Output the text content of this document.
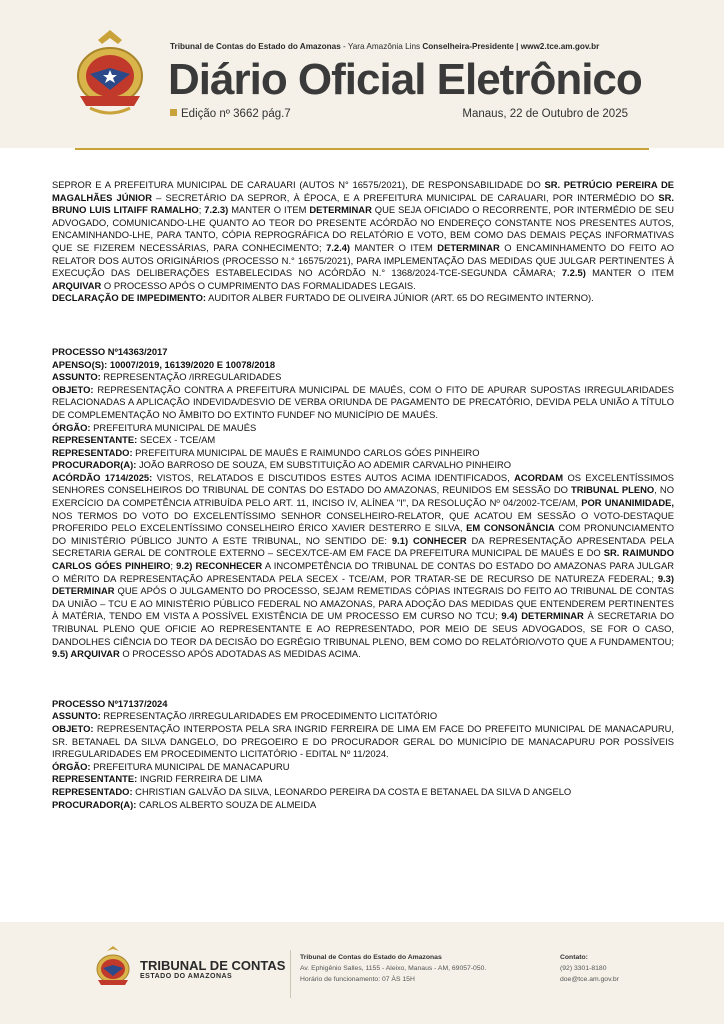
Tribunal de Contas do Estado do Amazonas - Yara Amazônia Lins Conselheira-Presidente | www2.tce.am.gov.br
Diário Oficial Eletrônico
Edição nº 3662 pág.7	Manaus, 22 de Outubro de 2025

SEPROR E A PREFEITURA MUNICIPAL DE CARAUARI (AUTOS N° 16575/2021), DE RESPONSABILIDADE DO SR. PETRÚCIO PEREIRA DE MAGALHÃES JÚNIOR – SECRETÁRIO DA SEPROR, À ÉPOCA, E A PREFEITURA MUNICIPAL DE CARAUARI, POR INTERMÉDIO DO SR. BRUNO LUIS LITAIFF RAMALHO; 7.2.3) MANTER O ITEM DETERMINAR QUE SEJA OFICIADO O RECORRENTE, POR INTERMÉDIO DE SEU ADVOGADO, COMUNICANDO-LHE QUANTO AO TEOR DO PRESENTE ACÓRDÃO NO ENDEREÇO CONSTANTE NOS PRESENTES AUTOS, ENCAMINHANDO-LHE, PARA TANTO, CÓPIA REPROGRÁFICA DO RELATÓRIO E VOTO, BEM COMO DAS DEMAIS PEÇAS INFORMATIVAS QUE SE FIZEREM NECESSÁRIAS, PARA CONHECIMENTO; 7.2.4) MANTER O ITEM DETERMINAR O ENCAMINHAMENTO DO FEITO AO RELATOR DOS AUTOS ORIGINÁRIOS (PROCESSO N.° 16575/2021), PARA IMPLEMENTAÇÃO DAS MEDIDAS QUE JULGAR PERTINENTES À EXECUÇÃO DAS DELIBERAÇÕES ESTABELECIDAS NO ACÓRDÃO N.° 1368/2024-TCE-SEGUNDA CÂMARA; 7.2.5) MANTER O ITEM ARQUIVAR O PROCESSO APÓS O CUMPRIMENTO DAS FORMALIDADES LEGAIS.

DECLARAÇÃO DE IMPEDIMENTO: AUDITOR ALBER FURTADO DE OLIVEIRA JÚNIOR (ART. 65 DO REGIMENTO INTERNO).

PROCESSO Nº14363/2017

APENSO(S): 10007/2019, 16139/2020 E 10078/2018

ASSUNTO: REPRESENTAÇÃO /IRREGULARIDADES

OBJETO: REPRESENTAÇÃO CONTRA A PREFEITURA MUNICIPAL DE MAUÉS, COM O FITO DE APURAR SUPOSTAS IRREGULARIDADES RELACIONADAS A APLICAÇÃO INDEVIDA/DESVIO DE VERBA ORIUNDA DE PAGAMENTO DE PRECATÓRIO, DEVIDA PELA UNIÃO A TÍTULO DE COMPLEMENTAÇÃO NO ÂMBITO DO EXTINTO FUNDEF NO MUNICÍPIO DE MAUÉS.

ÓRGÃO: PREFEITURA MUNICIPAL DE MAUÉS

REPRESENTANTE: SECEX - TCE/AM

REPRESENTADO: PREFEITURA MUNICIPAL DE MAUÉS E RAIMUNDO CARLOS GÓES PINHEIRO

PROCURADOR(A): JOÃO BARROSO DE SOUZA, EM SUBSTITUIÇÃO AO ADEMIR CARVALHO PINHEIRO

ACÓRDÃO 1714/2025: VISTOS, RELATADOS E DISCUTIDOS ESTES AUTOS ACIMA IDENTIFICADOS, ACORDAM OS EXCELENTÍSSIMOS SENHORES CONSELHEIROS DO TRIBUNAL DE CONTAS DO ESTADO DO AMAZONAS, REUNIDOS EM SESSÃO DO TRIBUNAL PLENO, NO EXERCÍCIO DA COMPETÊNCIA ATRIBUÍDA PELO ART. 11, INCISO IV, ALÍNEA "I", DA RESOLUÇÃO Nº 04/2002-TCE/AM, POR UNANIMIDADE, NOS TERMOS DO VOTO DO EXCELENTÍSSIMO SENHOR CONSELHEIRO-RELATOR, QUE ACATOU EM SESSÃO O VOTO-DESTAQUE PROFERIDO PELO EXCELENTÍSSIMO CONSELHEIRO ÉRICO XAVIER DESTERRO E SILVA, EM CONSONÂNCIA COM PRONUNCIAMENTO DO MINISTÉRIO PÚBLICO JUNTO A ESTE TRIBUNAL, NO SENTIDO DE: 9.1) CONHECER DA REPRESENTAÇÃO APRESENTADA PELA SECRETARIA GERAL DE CONTROLE EXTERNO – SECEX/TCE-AM EM FACE DA PREFEITURA MUNICIPAL DE MAUÉS E DO SR. RAIMUNDO CARLOS GÓES PINHEIRO; 9.2) RECONHECER A INCOMPETÊNCIA DO TRIBUNAL DE CONTAS DO ESTADO DO AMAZONAS PARA JULGAR O MÉRITO DA REPRESENTAÇÃO APRESENTADA PELA SECEX - TCE/AM, POR TRATAR-SE DE RECURSO DE NATUREZA FEDERAL; 9.3) DETERMINAR QUE APÓS O JULGAMENTO DO PROCESSO, SEJAM REMETIDAS CÓPIAS INTEGRAIS DO FEITO AO TRIBUNAL DE CONTAS DA UNIÃO – TCU E AO MINISTÉRIO PÚBLICO FEDERAL NO AMAZONAS, PARA ADOÇÃO DAS MEDIDAS QUE ENTENDEREM PERTINENTES À MATÉRIA, TENDO EM VISTA A POSSÍVEL EXISTÊNCIA DE UM PROCESSO EM CURSO NO TCU; 9.4) DETERMINAR À SECRETARIA DO TRIBUNAL PLENO QUE OFICIE AO REPRESENTANTE E AO REPRESENTADO, POR MEIO DE SEUS ADVOGADOS, SE FOR O CASO, DANDOLHES CIÊNCIA DO TEOR DA DECISÃO DO EGRÉGIO TRIBUNAL PLENO, BEM COMO DO RELATÓRIO/VOTO QUE A FUNDAMENTOU; 9.5) ARQUIVAR O PROCESSO APÓS ADOTADAS AS MEDIDAS ACIMA.

PROCESSO Nº17137/2024

ASSUNTO: REPRESENTAÇÃO /IRREGULARIDADES EM PROCEDIMENTO LICITATÓRIO

OBJETO: REPRESENTAÇÃO INTERPOSTA PELA SRA INGRID FERREIRA DE LIMA EM FACE DO PREFEITO MUNICIPAL DE MANACAPURU, SR. BETANAEL DA SILVA DANGELO, DO PREGOEIRO E DO PROCURADOR GERAL DO MUNICÍPIO DE MANACAPURU POR POSSÍVEIS IRREGULARIDADES EM PROCEDIMENTO LICITATÓRIO - EDITAL Nº 11/2024.

ÓRGÃO: PREFEITURA MUNICIPAL DE MANACAPURU

REPRESENTANTE: INGRID FERREIRA DE LIMA

REPRESENTADO: CHRISTIAN GALVÃO DA SILVA, LEONARDO PEREIRA DA COSTA E BETANAEL DA SILVA D ANGELO

PROCURADOR(A): CARLOS ALBERTO SOUZA DE ALMEIDA

TRIBUNAL DE CONTAS
ESTADO DO AMAZONAS
Tribunal de Contas do Estado do Amazonas
Av. Ephigênio Salles, 1155 - Aleixo, Manaus - AM, 69057-050.
Horário de funcionamento: 07 ÀS 15H
Contato:
(92) 3301-8180
doe@tce.am.gov.br
